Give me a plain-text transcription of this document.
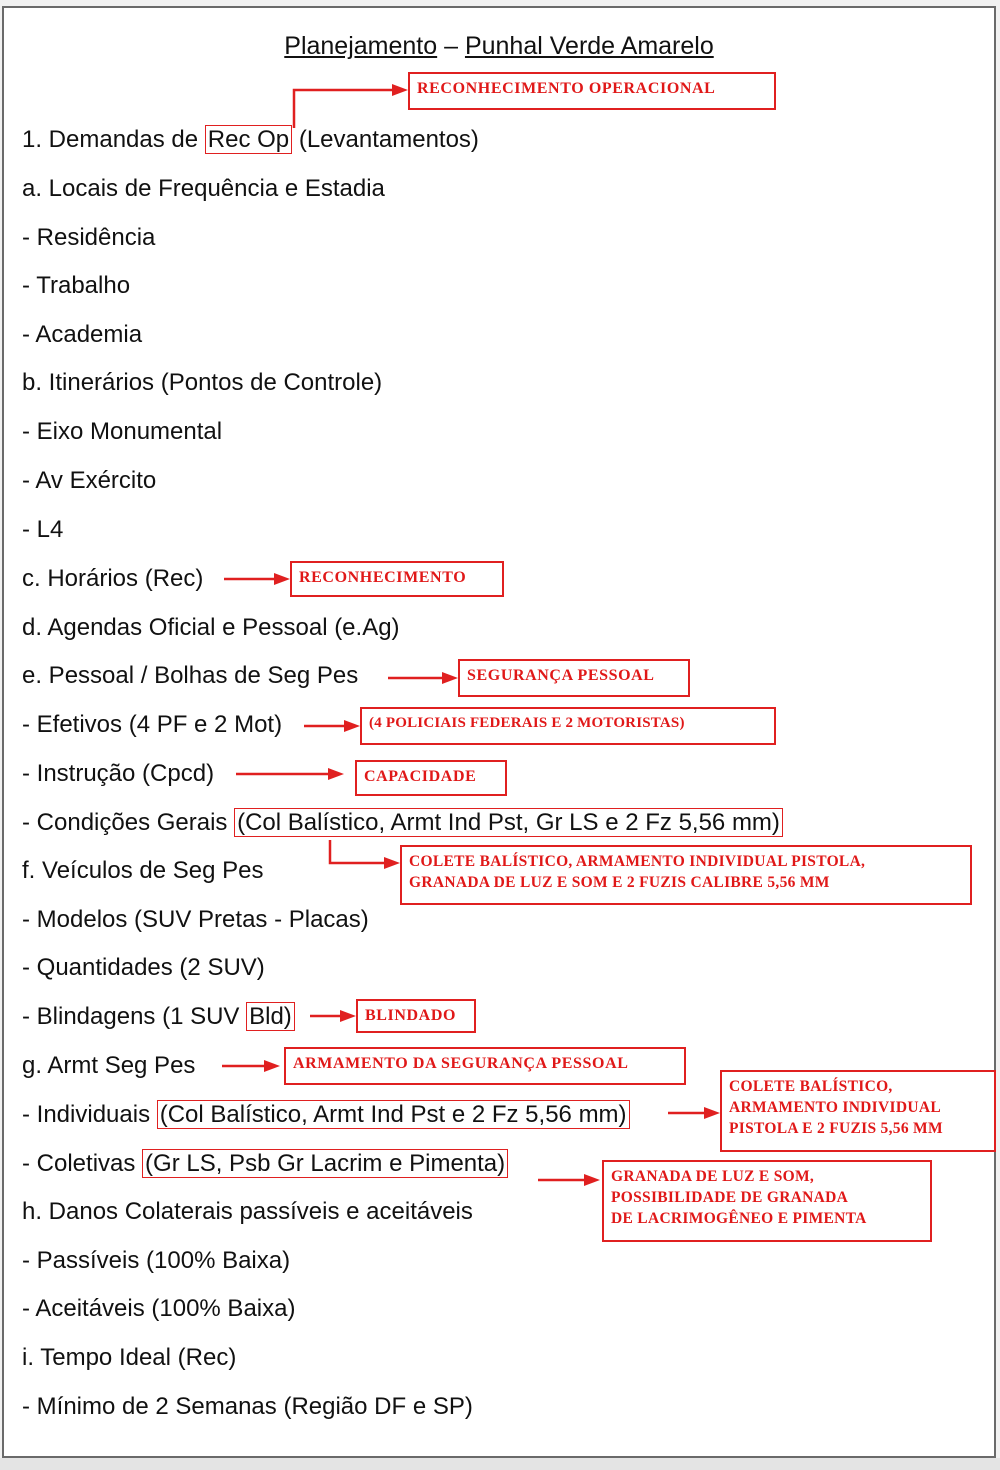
Planejamento – Punhal Verde Amarelo
1. Demandas de Rec Op (Levantamentos)
a. Locais de Frequência e Estadia
- Residência
- Trabalho
- Academia
b. Itinerários (Pontos de Controle)
- Eixo Monumental
- Av Exército
- L4
c. Horários (Rec)
d. Agendas Oficial e Pessoal (e.Ag)
e. Pessoal / Bolhas de Seg Pes
- Efetivos (4 PF e 2 Mot)
- Instrução (Cpcd)
- Condições Gerais (Col Balístico, Armt Ind Pst, Gr LS e 2 Fz 5,56 mm)
f. Veículos de Seg Pes
- Modelos (SUV Pretas - Placas)
- Quantidades (2 SUV)
- Blindagens (1 SUV Bld)
g. Armt Seg Pes
- Individuais (Col Balístico, Armt Ind Pst e 2 Fz 5,56 mm)
- Coletivas (Gr LS, Psb Gr Lacrim e Pimenta)
h. Danos Colaterais passíveis e aceitáveis
- Passíveis (100% Baixa)
- Aceitáveis (100% Baixa)
i. Tempo Ideal (Rec)
- Mínimo de 2 Semanas (Região DF e SP)
RECONHECIMENTO OPERACIONAL
RECONHECIMENTO
SEGURANÇA PESSOAL
(4 POLICIAIS FEDERAIS E 2 MOTORISTAS)
CAPACIDADE
COLETE BALÍSTICO, ARMAMENTO INDIVIDUAL PISTOLA,
GRANADA DE LUZ E SOM E 2 FUZIS CALIBRE 5,56 MM
BLINDADO
ARMAMENTO DA SEGURANÇA PESSOAL
COLETE BALÍSTICO,
ARMAMENTO INDIVIDUAL
PISTOLA E 2 FUZIS 5,56 MM
GRANADA DE LUZ E SOM,
POSSIBILIDADE DE GRANADA
DE LACRIMOGÊNEO E PIMENTA
